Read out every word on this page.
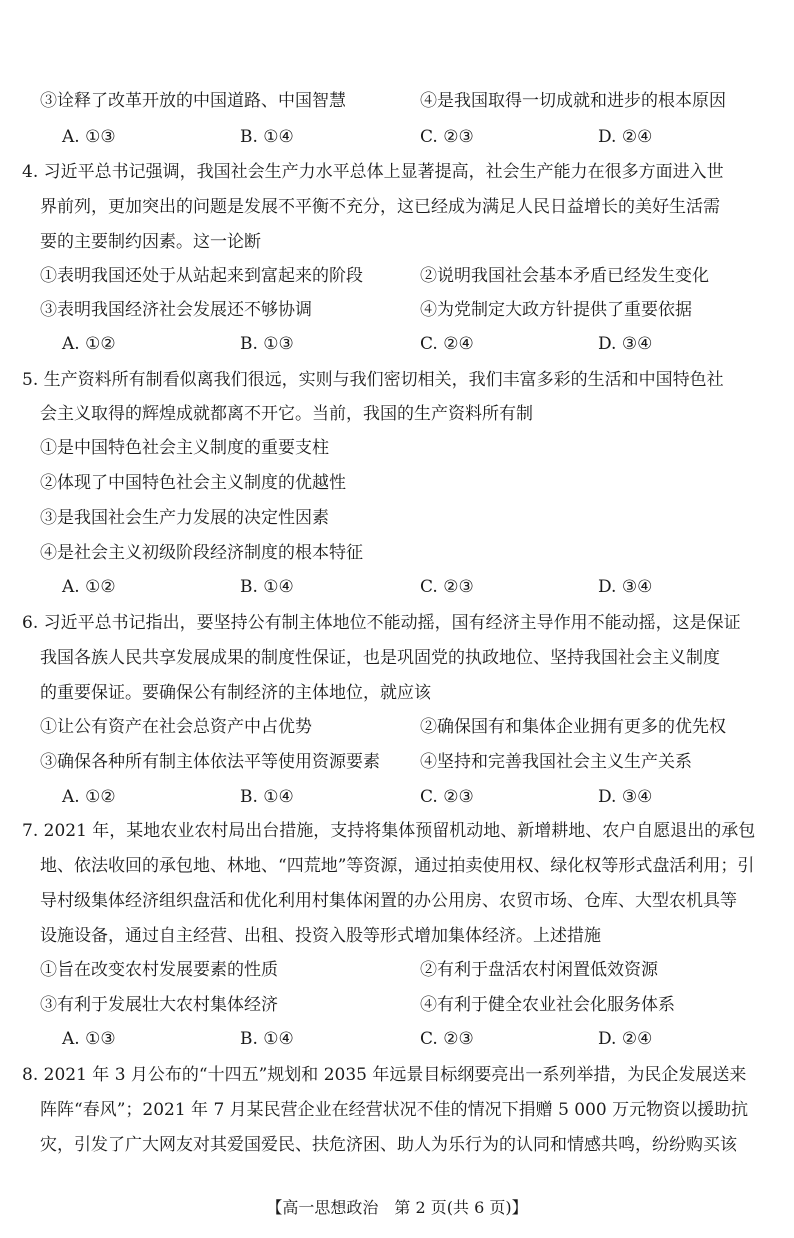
③诠释了改革开放的中国道路、中国智慧	④是我国取得一切成就和进步的根本原因
A. ①③	B. ①④	C. ②③	D. ②④
4. 习近平总书记强调，我国社会生产力水平总体上显著提高，社会生产能力在很多方面进入世
界前列，更加突出的问题是发展不平衡不充分，这已经成为满足人民日益增长的美好生活需
要的主要制约因素。这一论断
①表明我国还处于从站起来到富起来的阶段	②说明我国社会基本矛盾已经发生变化
③表明我国经济社会发展还不够协调	④为党制定大政方针提供了重要依据
A. ①②	B. ①③	C. ②④	D. ③④
5. 生产资料所有制看似离我们很远，实则与我们密切相关，我们丰富多彩的生活和中国特色社
会主义取得的辉煌成就都离不开它。当前，我国的生产资料所有制
①是中国特色社会主义制度的重要支柱
②体现了中国特色社会主义制度的优越性
③是我国社会生产力发展的决定性因素
④是社会主义初级阶段经济制度的根本特征
A. ①②	B. ①④	C. ②③	D. ③④
6. 习近平总书记指出，要坚持公有制主体地位不能动摇，国有经济主导作用不能动摇，这是保证
我国各族人民共享发展成果的制度性保证，也是巩固党的执政地位、坚持我国社会主义制度
的重要保证。要确保公有制经济的主体地位，就应该
①让公有资产在社会总资产中占优势	②确保国有和集体企业拥有更多的优先权
③确保各种所有制主体依法平等使用资源要素 ④坚持和完善我国社会主义生产关系
A. ①②	B. ①④	C. ②③	D. ③④
7. 2021 年，某地农业农村局出台措施，支持将集体预留机动地、新增耕地、农户自愿退出的承包
地、依法收回的承包地、林地、“四荒地”等资源，通过拍卖使用权、绿化权等形式盘活利用；引
导村级集体经济组织盘活和优化利用村集体闲置的办公用房、农贸市场、仓库、大型农机具等
设施设备，通过自主经营、出租、投资入股等形式增加集体经济。上述措施
①旨在改变农村发展要素的性质	②有利于盘活农村闲置低效资源
③有利于发展壮大农村集体经济	④有利于健全农业社会化服务体系
A. ①③	B. ①④	C. ②③	D. ②④
8. 2021 年 3 月公布的“十四五”规划和 2035 年远景目标纲要亮出一系列举措，为民企发展送来
阵阵“春风”；2021 年 7 月某民营企业在经营状况不佳的情况下捐赠 5 000 万元物资以援助抗
灾，引发了广大网友对其爱国爱民、扶危济困、助人为乐行为的认同和情感共鸣，纷纷购买该
【高一思想政治　第 2 页(共 6 页)】
